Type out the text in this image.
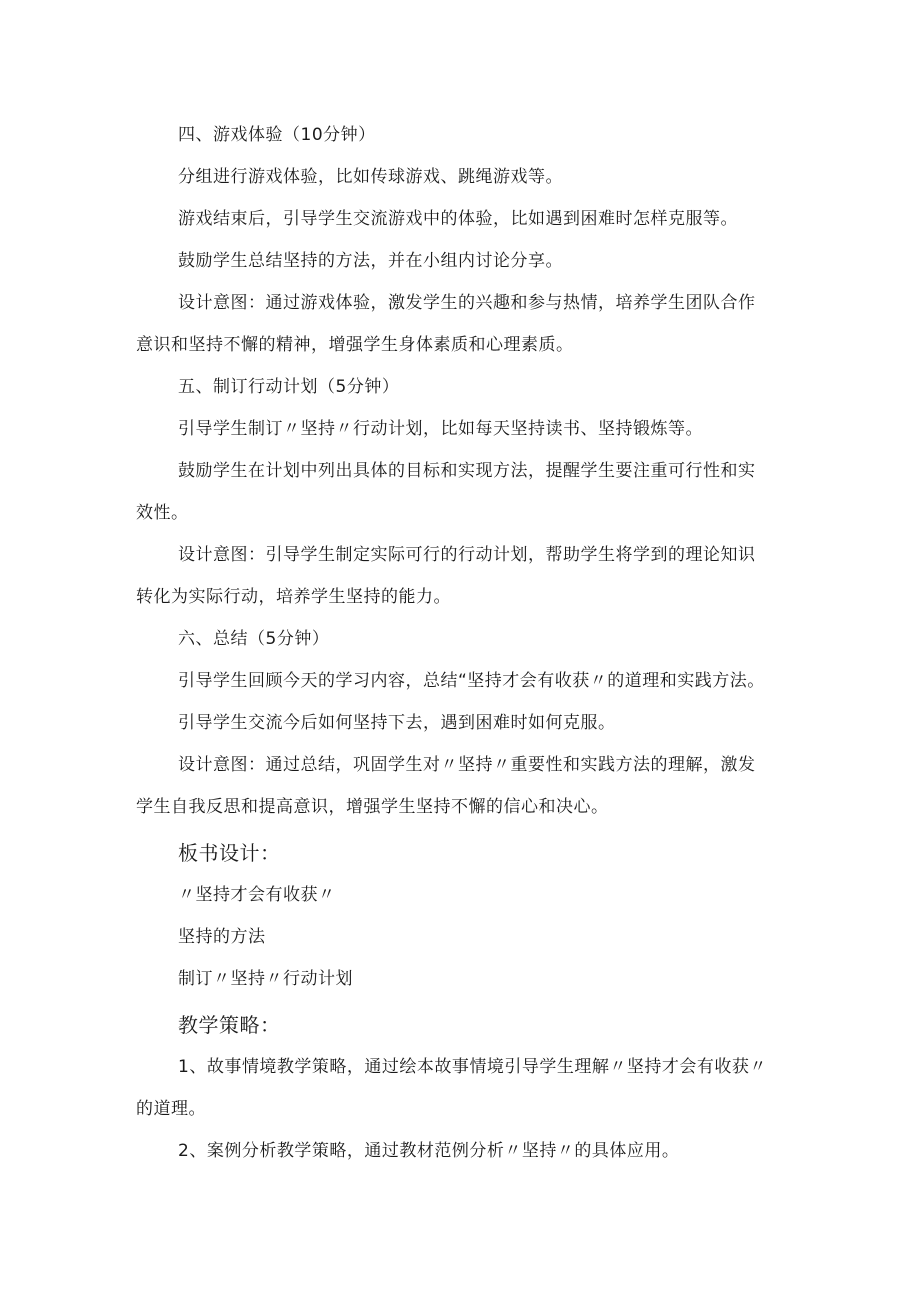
四、游戏体验（10分钟）
分组进行游戏体验，比如传球游戏、跳绳游戏等。
游戏结束后，引导学生交流游戏中的体验，比如遇到困难时怎样克服等。
鼓励学生总结坚持的方法，并在小组内讨论分享。
设计意图：通过游戏体验，激发学生的兴趣和参与热情，培养学生团队合作
意识和坚持不懈的精神，增强学生身体素质和心理素质。
五、制订行动计划（5分钟）
引导学生制订〃坚持〃行动计划，比如每天坚持读书、坚持锻炼等。
鼓励学生在计划中列出具体的目标和实现方法，提醒学生要注重可行性和实
效性。
设计意图：引导学生制定实际可行的行动计划，帮助学生将学到的理论知识
转化为实际行动，培养学生坚持的能力。
六、总结（5分钟）
引导学生回顾今天的学习内容，总结“坚持才会有收获〃的道理和实践方法。
引导学生交流今后如何坚持下去，遇到困难时如何克服。
设计意图：通过总结，巩固学生对〃坚持〃重要性和实践方法的理解，激发
学生自我反思和提高意识，增强学生坚持不懈的信心和决心。
板书设计：
〃坚持才会有收获〃
坚持的方法
制订〃坚持〃行动计划
教学策略：
1、故事情境教学策略，通过绘本故事情境引导学生理解〃坚持才会有收获〃
的道理。
2、案例分析教学策略，通过教材范例分析〃坚持〃的具体应用。
